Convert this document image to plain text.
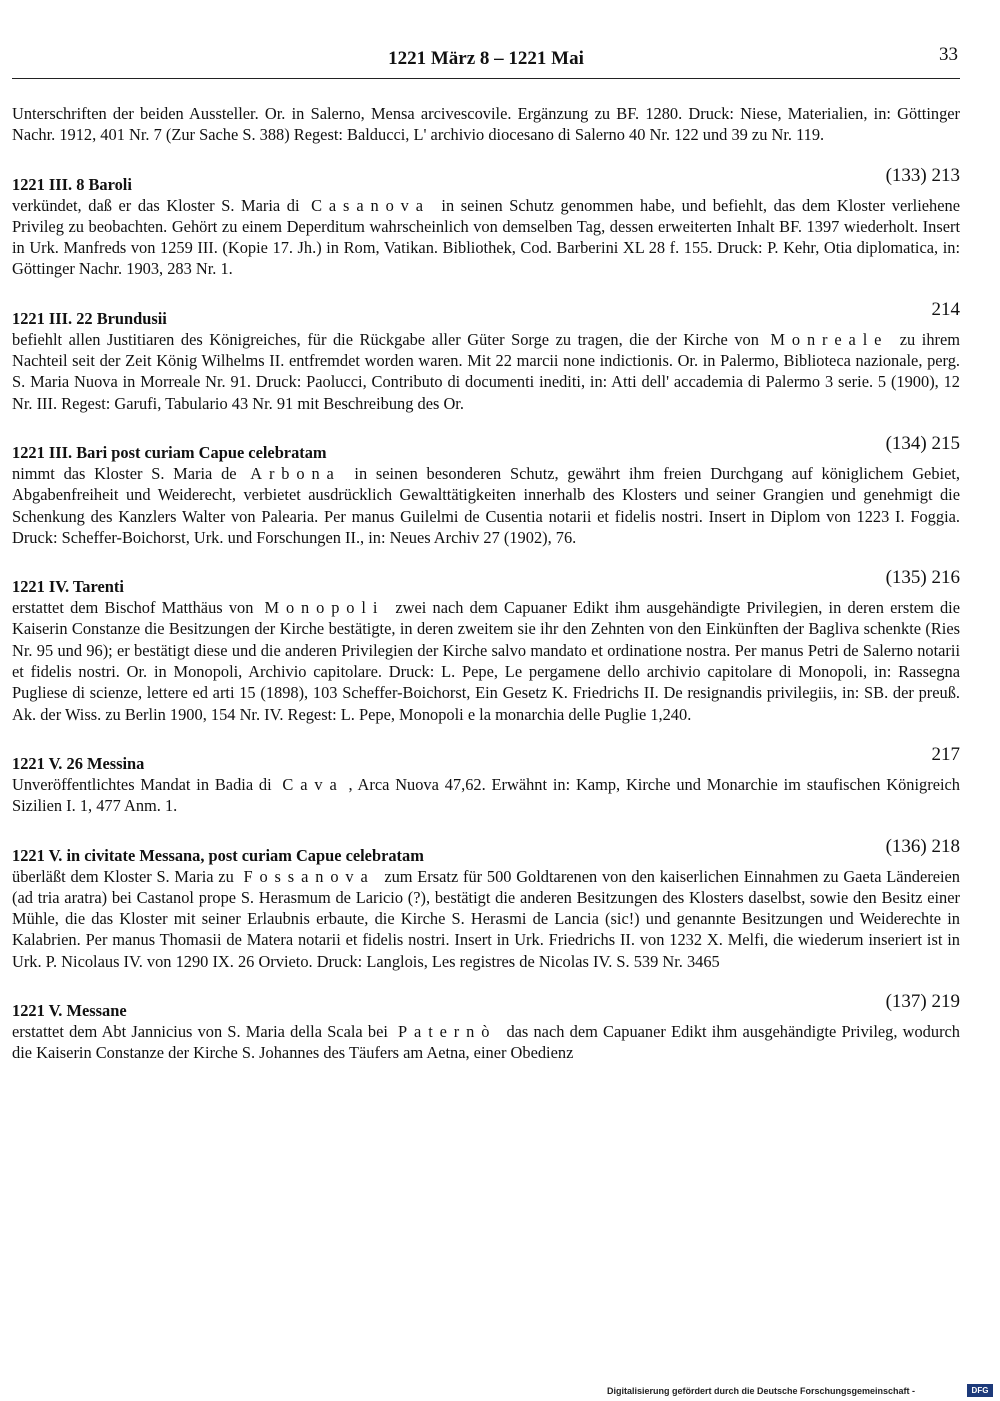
1221 März 8 – 1221 Mai	33

Unterschriften der beiden Aussteller. Or. in Salerno, Mensa arcivescovile. Ergänzung zu BF. 1280. Druck: Niese, Materialien, in: Göttinger Nachr. 1912, 401 Nr. 7 (Zur Sache S. 388) Regest: Balducci, L' archivio diocesano di Salerno 40 Nr. 122 und 39 zu Nr. 119.

1221 III. 8 Baroli	(133) 213

verkündet, daß er das Kloster S. Maria di Casanova in seinen Schutz genommen habe, und befiehlt, das dem Kloster verliehene Privileg zu beobachten. Gehört zu einem Deperditum wahrscheinlich von demselben Tag, dessen erweiterten Inhalt BF. 1397 wiederholt. Insert in Urk. Manfreds von 1259 III. (Kopie 17. Jh.) in Rom, Vatikan. Bibliothek, Cod. Barberini XL 28 f. 155. Druck: P. Kehr, Otia diplomatica, in: Göttinger Nachr. 1903, 283 Nr. 1.

1221 III. 22 Brundusii	214

befiehlt allen Justitiaren des Königreiches, für die Rückgabe aller Güter Sorge zu tragen, die der Kirche von Monreale zu ihrem Nachteil seit der Zeit König Wilhelms II. entfremdet worden waren. Mit 22 marcii none indictionis. Or. in Palermo, Biblioteca nazionale, perg. S. Maria Nuova in Morreale Nr. 91. Druck: Paolucci, Contributo di documenti inediti, in: Atti dell' accademia di Palermo 3 serie. 5 (1900), 12 Nr. III. Regest: Garufi, Tabulario 43 Nr. 91 mit Beschreibung des Or.

1221 III. Bari post curiam Capue celebratam	(134) 215

nimmt das Kloster S. Maria de Arbona in seinen besonderen Schutz, gewährt ihm freien Durchgang auf königlichem Gebiet, Abgabenfreiheit und Weiderecht, verbietet ausdrücklich Gewalttätigkeiten innerhalb des Klosters und seiner Grangien und genehmigt die Schenkung des Kanzlers Walter von Palearia. Per manus Guilelmi de Cusentia notarii et fidelis nostri. Insert in Diplom von 1223 I. Foggia. Druck: Scheffer-Boichorst, Urk. und Forschungen II., in: Neues Archiv 27 (1902), 76.

1221 IV. Tarenti	(135) 216

erstattet dem Bischof Matthäus von Monopoli zwei nach dem Capuaner Edikt ihm ausgehändigte Privilegien, in deren erstem die Kaiserin Constanze die Besitzungen der Kirche bestätigte, in deren zweitem sie ihr den Zehnten von den Einkünften der Bagliva schenkte (Ries Nr. 95 und 96); er bestätigt diese und die anderen Privilegien der Kirche salvo mandato et ordinatione nostra. Per manus Petri de Salerno notarii et fidelis nostri. Or. in Monopoli, Archivio capitolare. Druck: L. Pepe, Le pergamene dello archivio capitolare di Monopoli, in: Rassegna Pugliese di scienze, lettere ed arti 15 (1898), 103 Scheffer-Boichorst, Ein Gesetz K. Friedrichs II. De resignandis privilegiis, in: SB. der preuß. Ak. der Wiss. zu Berlin 1900, 154 Nr. IV. Regest: L. Pepe, Monopoli e la monarchia delle Puglie 1,240.

1221 V. 26 Messina	217

Unveröffentlichtes Mandat in Badia di Cava , Arca Nuova 47,62. Erwähnt in: Kamp, Kirche und Monarchie im staufischen Königreich Sizilien I. 1, 477 Anm. 1.

1221 V. in civitate Messana, post curiam Capue celebratam	(136) 218

überläßt dem Kloster S. Maria zu Fossanova zum Ersatz für 500 Goldtarenen von den kaiserlichen Einnahmen zu Gaeta Ländereien (ad tria aratra) bei Castanol prope S. Herasmum de Laricio (?), bestätigt die anderen Besitzungen des Klosters daselbst, sowie den Besitz einer Mühle, die das Kloster mit seiner Erlaubnis erbaute, die Kirche S. Herasmi de Lancia (sic!) und genannte Besitzungen und Weiderechte in Kalabrien. Per manus Thomasii de Matera notarii et fidelis nostri. Insert in Urk. Friedrichs II. von 1232 X. Melfi, die wiederum inseriert ist in Urk. P. Nicolaus IV. von 1290 IX. 26 Orvieto. Druck: Langlois, Les registres de Nicolas IV. S. 539 Nr. 3465

1221 V. Messane	(137) 219

erstattet dem Abt Jannicius von S. Maria della Scala bei Paternò das nach dem Capuaner Edikt ihm ausgehändigte Privileg, wodurch die Kaiserin Constanze der Kirche S. Johannes des Täufers am Aetna, einer Obedienz

Digitalisierung gefördert durch die Deutsche Forschungsgemeinschaft -	DFG
